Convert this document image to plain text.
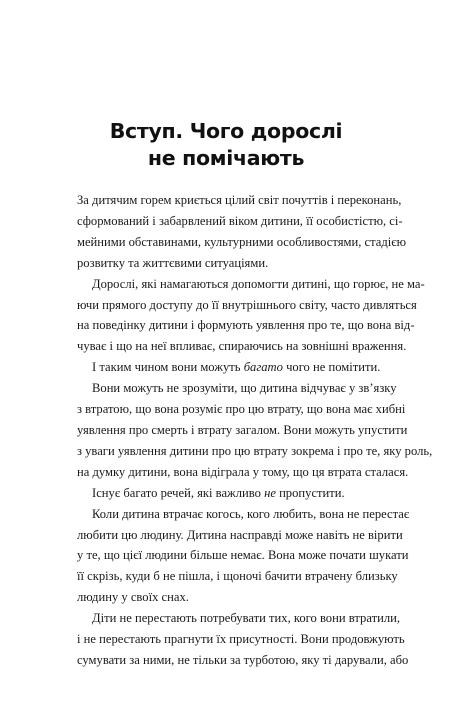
Вступ. Чого дорослі
не помічають

За дитячим горем криється цілий світ почуттів і переконань,
сформований і забарвлений віком дитини, її особистістю, сі-
мейними обставинами, культурними особливостями, стадією
розвитку та життєвими ситуаціями.

Дорослі, які намагаються допомогти дитині, що горює, не ма-
ючи прямого доступу до її внутрішнього світу, часто дивляться
на поведінку дитини і формують уявлення про те, що вона від-
чуває і що на неї впливає, спираючись на зовнішні враження.

І таким чином вони можуть багато чого не помітити.

Вони можуть не зрозуміти, що дитина відчуває у зв’язку
з втратою, що вона розуміє про цю втрату, що вона має хибні
уявлення про смерть і втрату загалом. Вони можуть упустити
з уваги уявлення дитини про цю втрату зокрема і про те, яку роль,
на думку дитини, вона відіграла у тому, що ця втрата сталася.

Існує багато речей, які важливо не пропустити.

Коли дитина втрачає когось, кого любить, вона не перестає
любити цю людину. Дитина насправді може навіть не вірити
у те, що цієї людини більше немає. Вона може почати шукати
її скрізь, куди б не пішла, і щоночі бачити втрачену близьку
людину у своїх снах.

Діти не перестають потребувати тих, кого вони втратили,
і не перестають прагнути їх присутності. Вони продовжують
сумувати за ними, не тільки за турботою, яку ті дарували, або
